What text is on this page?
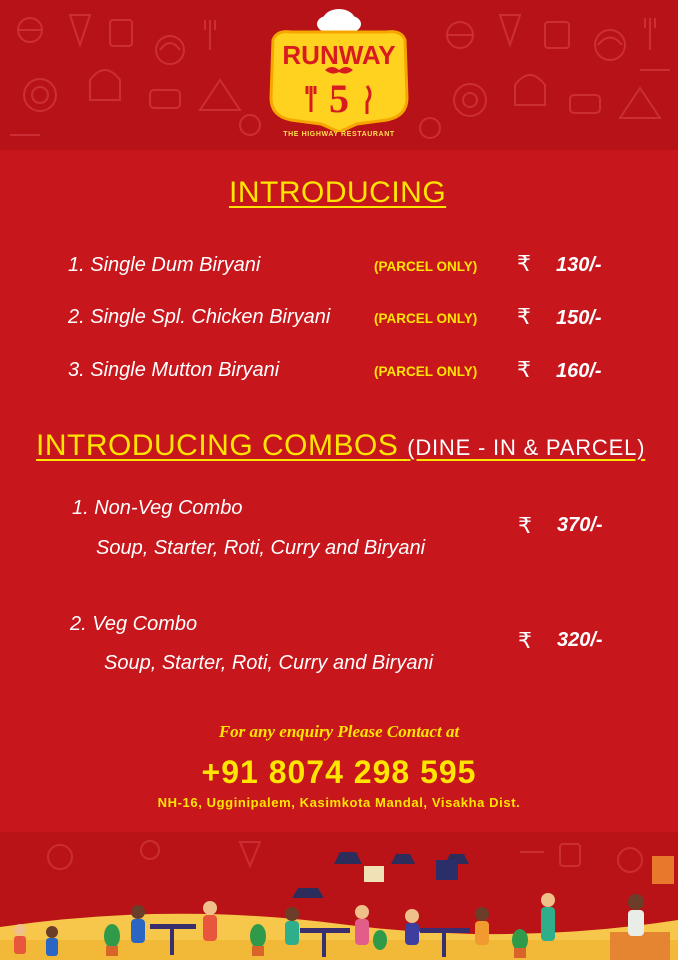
RUNWAY
5
THE HIGHWAY RESTAURANT
INTRODUCING
1. Single Dum Biryani	(PARCEL ONLY) ₹ 130/-
2. Single Spl. Chicken Biryani	(PARCEL ONLY) ₹ 150/-
3. Single Mutton Biryani	(PARCEL ONLY) ₹ 160/-
INTRODUCING COMBOS (DINE - IN & PARCEL)
1. Non-Veg Combo
Soup, Starter, Roti, Curry and Biryani
₹ 370/-
2. Veg Combo
Soup, Starter, Roti, Curry and Biryani
₹ 320/-
For any enquiry Please Contact at
+91 8074 298 595
NH-16, Ugginipalem, Kasimkota Mandal, Visakha Dist.
